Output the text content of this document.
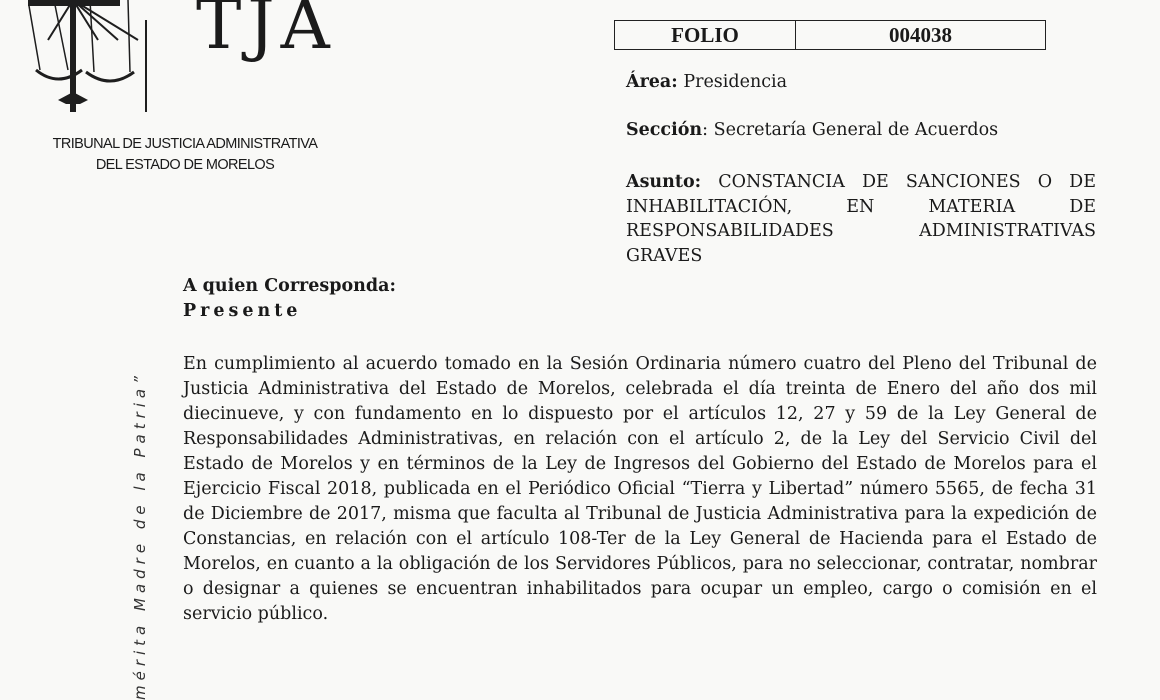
TJA
TRIBUNAL DE JUSTICIA ADMINISTRATIVA
DEL ESTADO DE MORELOS
FOLIO	004038
Área: Presidencia
Sección: Secretaría General de Acuerdos
Asunto: CONSTANCIA DE SANCIONES O DE INHABILITACIÓN, EN MATERIA DE RESPONSABILIDADES ADMINISTRATIVAS GRAVES
A quien Corresponda:
Presente
En cumplimiento al acuerdo tomado en la Sesión Ordinaria número cuatro del Pleno del Tribunal de Justicia Administrativa del Estado de Morelos, celebrada el día treinta de Enero del año dos mil diecinueve, y con fundamento en lo dispuesto por el artículos 12, 27 y 59 de la Ley General de Responsabilidades Administrativas, en relación con el artículo 2, de la Ley del Servicio Civil del Estado de Morelos y en términos de la Ley de Ingresos del Gobierno del Estado de Morelos para el Ejercicio Fiscal 2018, publicada en el Periódico Oficial “Tierra y Libertad” número 5565, de fecha 31 de Diciembre de 2017, misma que faculta al Tribunal de Justicia Administrativa para la expedición de Constancias, en relación con el artículo 108-Ter de la Ley General de Hacienda para el Estado de Morelos, en cuanto a la obligación de los Servidores Públicos, para no seleccionar, contratar, nombrar o designar a quienes se encuentran inhabilitados para ocupar un empleo, cargo o comisión en el servicio público.
mérita Madre de la Patria”
